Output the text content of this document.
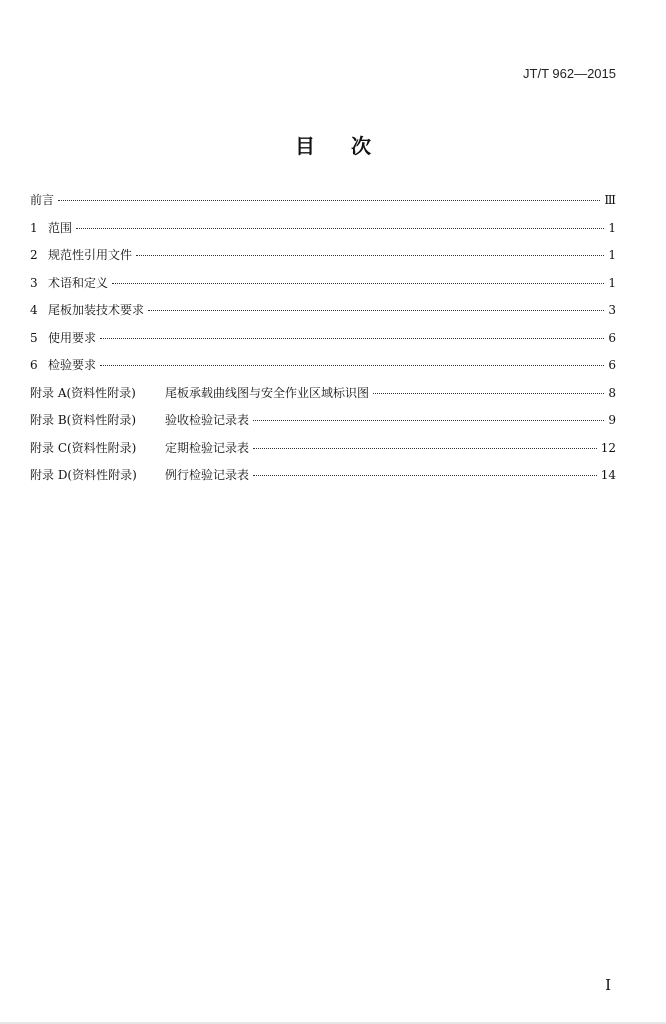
JT/T 962—2015
目次
前言	Ⅲ
1 范围	1
2 规范性引用文件	1
3 术语和定义	1
4 尾板加装技术要求	3
5 使用要求	6
6 检验要求	6
附录 A(资料性附录)	尾板承载曲线图与安全作业区域标识图	8
附录 B(资料性附录)	验收检验记录表	9
附录 C(资料性附录)	定期检验记录表	12
附录 D(资料性附录)	例行检验记录表	14
I
